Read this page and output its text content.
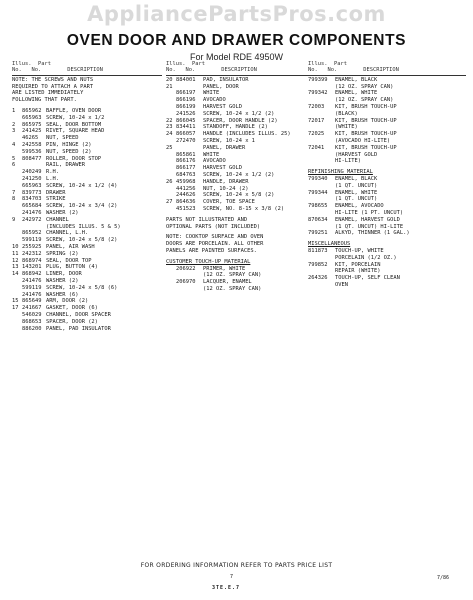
AppliancePartsPros.com
OVEN DOOR AND DRAWER COMPONENTS
For Model RDE 4950W
Illus. Part
No. No.	DESCRIPTION
NOTE: THE SCREWS AND NUTS
REQUIRED TO ATTACH A PART
ARE LISTED IMMEDIATELY
FOLLOWING THAT PART.
1	865962 BAFFLE, OVEN DOOR
665963 SCREW, 10-24 x 1/2
2	865975 SEAL, DOOR BOTTOM
3	241425 RIVET, SQUARE HEAD
46265	NUT, SPEED
4	242558 PIN, HINGE (2)
599536 NUT, SPEED (2)
5	808477 ROLLER, DOOR STOP
6	RAIL, DRAWER
240249 R.H.
241250 L.H.
665963 SCREW, 10-24 x 1/2 (4)
7	839773 DRAWER
8	834703 STRIKE
665684 SCREW, 10-24 x 3/4 (2)
241476 WASHER (2)
9	242972 CHANNEL
(INCLUDES ILLUS. 5 & 5)
865952 CHANNEL, L.H.
599119 SCREW, 10-24 x 5/8 (2)
10 255925 PANEL, AIR WASH
11 242312 SPRING (2)
12 868974 SEAL, DOOR TOP
13 143201 PLUG, BUTTON (4)
14 868942 LINER, DOOR
241476 WASHER (2)
599119 SCREW, 10-24 x 5/8 (6)
241476 WASHER (6)
15 865649 ARM, DOOR (2)
17 241667 GASKET, DOOR (6)
546029 CHANNEL, DOOR SPACER
868653 SPACER, DOOR (2)
886200 PANEL, PAD INSULATOR
Illus. Part
No. No.	DESCRIPTION
20 884001	PAD, INSULATOR
21	PANEL, DOOR
866197	WHITE
866196	AVOCADO
866199	HARVEST GOLD
241526	SCREW, 10-24 x 1/2 (2)
22 866045	SPACER, DOOR HANDLE (2)
23 834411	STANDOFF, HANDLE (2)
24 866057	HANDLE (INCLUDES ILLUS. 25)
272470	SCREW, 10-24 x 1
25	PANEL, DRAWER
865861	WHITE
866176	AVOCADO
866177	HARVEST GOLD
684763	SCREW, 10-24 x 1/2 (2)
26 459968	HANDLE, DRAWER
441256	NUT, 10-24 (2)
244626	SCREW, 10-24 x 5/8 (2)
27 864636	COVER, TOE SPACE
451523	SCREW, NO. 8-15 x 3/8 (2)
PARTS NOT ILLUSTRATED AND
OPTIONAL PARTS (NOT INCLUDED)
NOTE: COOKTOP SURFACE AND OVEN
DOORS ARE PORCELAIN. ALL OTHER
PANELS ARE PAINTED SURFACES.
CUSTOMER TOUCH-UP MATERIAL
206922	PRIMER, WHITE
(12 OZ. SPRAY CAN)
206970	LACQUER, ENAMEL
(12 OZ. SPRAY CAN)
Illus. Part
No. No.	DESCRIPTION
799399	ENAMEL, BLACK
(12 OZ. SPRAY CAN)
799342	ENAMEL, WHITE
(12 OZ. SPRAY CAN)
72003	KIT, BRUSH TOUCH-UP
(BLACK)
72017	KIT, BRUSH TOUCH-UP
(WHITE)
72025	KIT, BRUSH TOUCH-UP
(AVOCADO HI-LITE)
72041	KIT, BRUSH TOUCH-UP
(HARVEST GOLD
HI-LITE)
REFINISHING MATERIAL
799340	ENAMEL, BLACK
(1 QT. UNCUT)
799344	ENAMEL, WHITE
(1 QT. UNCUT)
798655	ENAMEL, AVOCADO
HI-LITE (1 PT. UNCUT)
870634	ENAMEL, HARVEST GOLD
(1 QT. UNCUT) HI-LITE
799251	ALKYD, THINNER (1 GAL.)
MISCELLANEOUS
811873	TOUCH-UP, WHITE
PORCELAIN (1/2 OZ.)
799852	KIT, PORCELAIN
REPAIR (WHITE)
264326	TOUCH-UP, SELF CLEAN
OVEN
FOR ORDERING INFORMATION REFER TO PARTS PRICE LIST
7
3TE.E.7
7/86
